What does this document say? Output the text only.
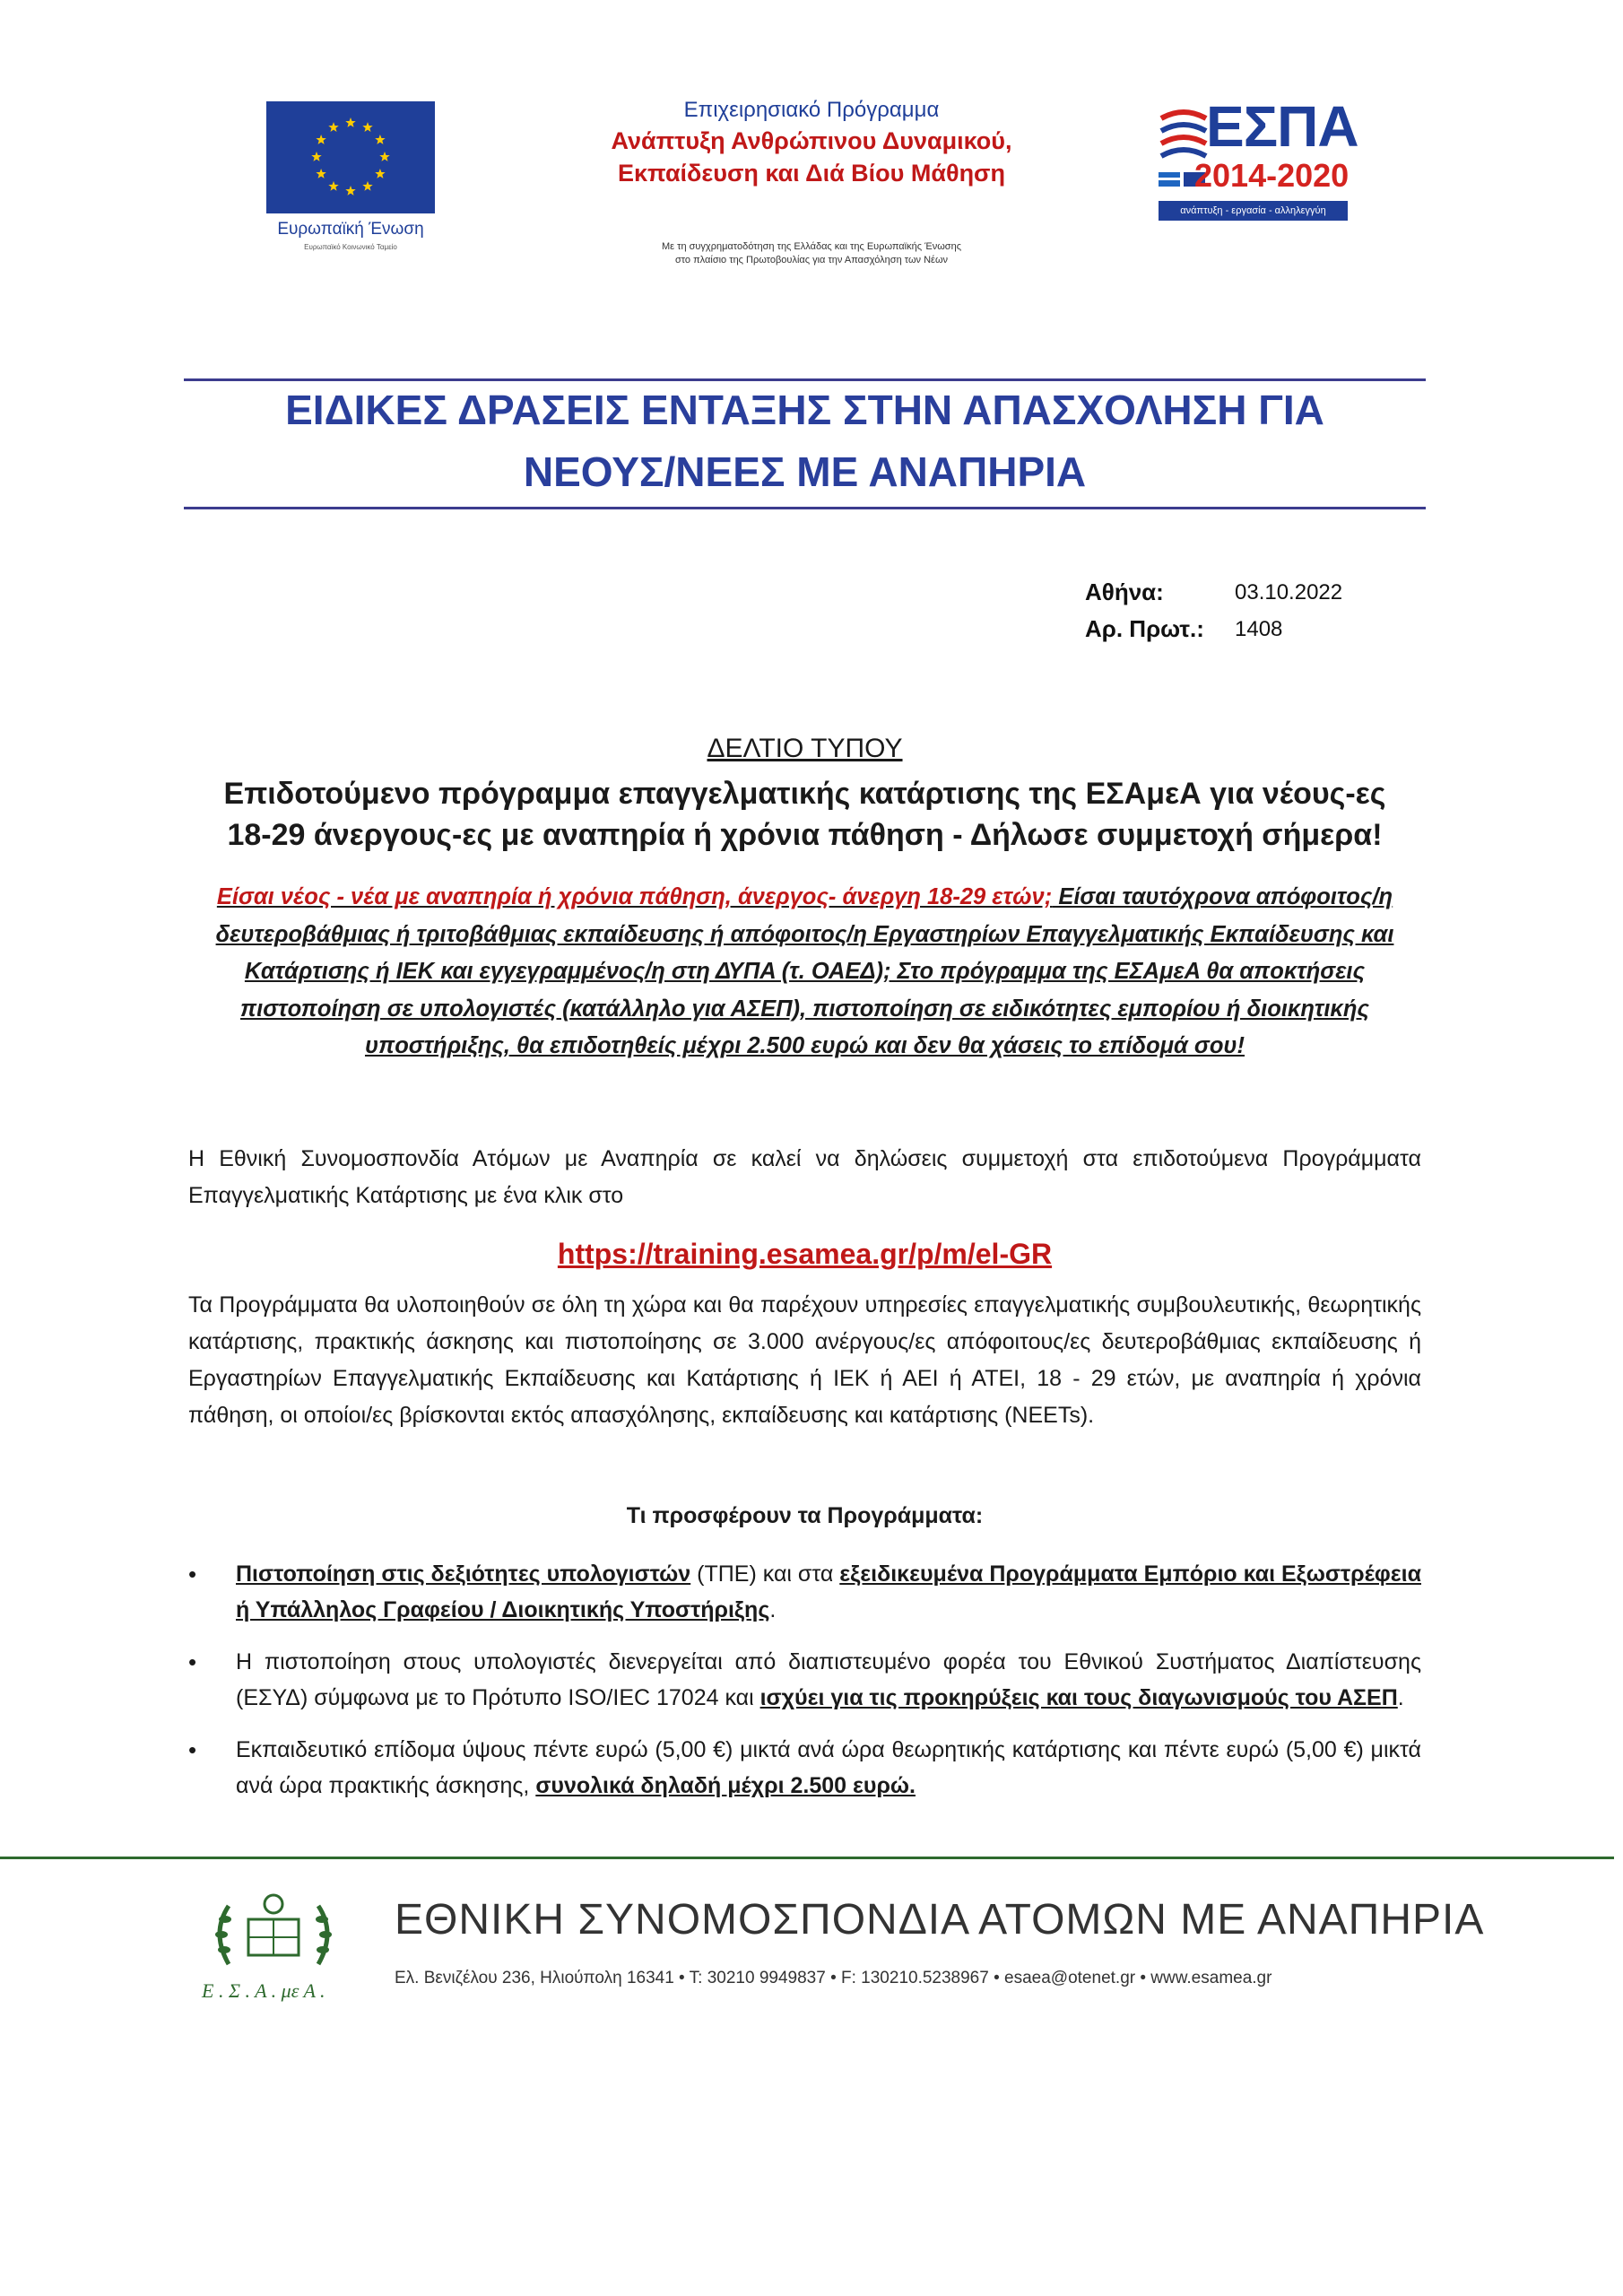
Ευρωπαϊκή Ένωση
Ευρωπαϊκό Κοινωνικό Ταμείο
Επιχειρησιακό Πρόγραμμα
Ανάπτυξη Ανθρώπινου Δυναμικού,
Εκπαίδευση και Διά Βίου Μάθηση
Με τη συγχρηματοδότηση της Ελλάδας και της Ευρωπαϊκής Ένωσης
στο πλαίσιο της Πρωτοβουλίας για την Απασχόληση των Νέων
ΕΣΠΑ
2014-2020
ανάπτυξη - εργασία - αλληλεγγύη
ΕΙΔΙΚΕΣ ΔΡΑΣΕΙΣ ΕΝΤΑΞΗΣ ΣΤΗΝ ΑΠΑΣΧΟΛΗΣΗ ΓΙΑ
ΝΕΟΥΣ/ΝΕΕΣ ΜΕ ΑΝΑΠΗΡΙΑ
Αθήνα:	03.10.2022
Αρ. Πρωτ.: 1408
ΔΕΛΤΙΟ ΤΥΠΟΥ
Επιδοτούμενο πρόγραμμα επαγγελματικής κατάρτισης της ΕΣΑμεΑ για νέους-ες
18-29 άνεργους-ες με αναπηρία ή χρόνια πάθηση - Δήλωσε συμμετοχή σήμερα!
Είσαι νέος - νέα με αναπηρία ή χρόνια πάθηση, άνεργος- άνεργη 18-29 ετών; Είσαι ταυτόχρονα απόφοιτος/η δευτεροβάθμιας ή τριτοβάθμιας εκπαίδευσης ή απόφοιτος/η Εργαστηρίων Επαγγελματικής Εκπαίδευσης και Κατάρτισης ή ΙΕΚ και εγγεγραμμένος/η στη ΔΥΠΑ (τ. ΟΑΕΔ); Στο πρόγραμμα της ΕΣΑμεΑ θα αποκτήσεις πιστοποίηση σε υπολογιστές (κατάλληλο για ΑΣΕΠ), πιστοποίηση σε ειδικότητες εμπορίου ή διοικητικής υποστήριξης, θα επιδοτηθείς μέχρι 2.500 ευρώ και δεν θα χάσεις το επίδομά σου!
Η Εθνική Συνομοσπονδία Ατόμων με Αναπηρία σε καλεί να δηλώσεις συμμετοχή στα επιδοτούμενα Προγράμματα Επαγγελματικής Κατάρτισης με ένα κλικ στο
https://training.esamea.gr/p/m/el-GR
Τα Προγράμματα θα υλοποιηθούν σε όλη τη χώρα και θα παρέχουν υπηρεσίες επαγγελματικής συμβουλευτικής, θεωρητικής κατάρτισης, πρακτικής άσκησης και πιστοποίησης σε 3.000 ανέργους/ες απόφοιτους/ες δευτεροβάθμιας εκπαίδευσης ή Εργαστηρίων Επαγγελματικής Εκπαίδευσης και Κατάρτισης ή ΙΕΚ ή ΑΕΙ ή ΑΤΕΙ, 18 - 29 ετών, με αναπηρία ή χρόνια πάθηση, οι οποίοι/ες βρίσκονται εκτός απασχόλησης, εκπαίδευσης και κατάρτισης (NEETs).
Τι προσφέρουν τα Προγράμματα:
• Πιστοποίηση στις δεξιότητες υπολογιστών (ΤΠΕ) και στα εξειδικευμένα Προγράμματα Εμπόριο και Εξωστρέφεια ή Υπάλληλος Γραφείου / Διοικητικής Υποστήριξης.
• Η πιστοποίηση στους υπολογιστές διενεργείται από διαπιστευμένο φορέα του Εθνικού Συστήματος Διαπίστευσης (ΕΣΥΔ) σύμφωνα με το Πρότυπο ISO/IEC 17024 και ισχύει για τις προκηρύξεις και τους διαγωνισμούς του ΑΣΕΠ.
• Εκπαιδευτικό επίδομα ύψους πέντε ευρώ (5,00 €) μικτά ανά ώρα θεωρητικής κατάρτισης και πέντε ευρώ (5,00 €) μικτά ανά ώρα πρακτικής άσκησης, συνολικά δηλαδή μέχρι 2.500 ευρώ.
Ε . Σ . Α . με Α .
ΕΘΝΙΚΗ ΣΥΝΟΜΟΣΠΟΝΔΙΑ ΑΤΟΜΩΝ ΜΕ ΑΝΑΠΗΡΙΑ
Ελ. Βενιζέλου 236, Ηλιούπολη 16341 • Τ: 30210 9949837 • F: 130210.5238967 • esaea@otenet.gr • www.esamea.gr
